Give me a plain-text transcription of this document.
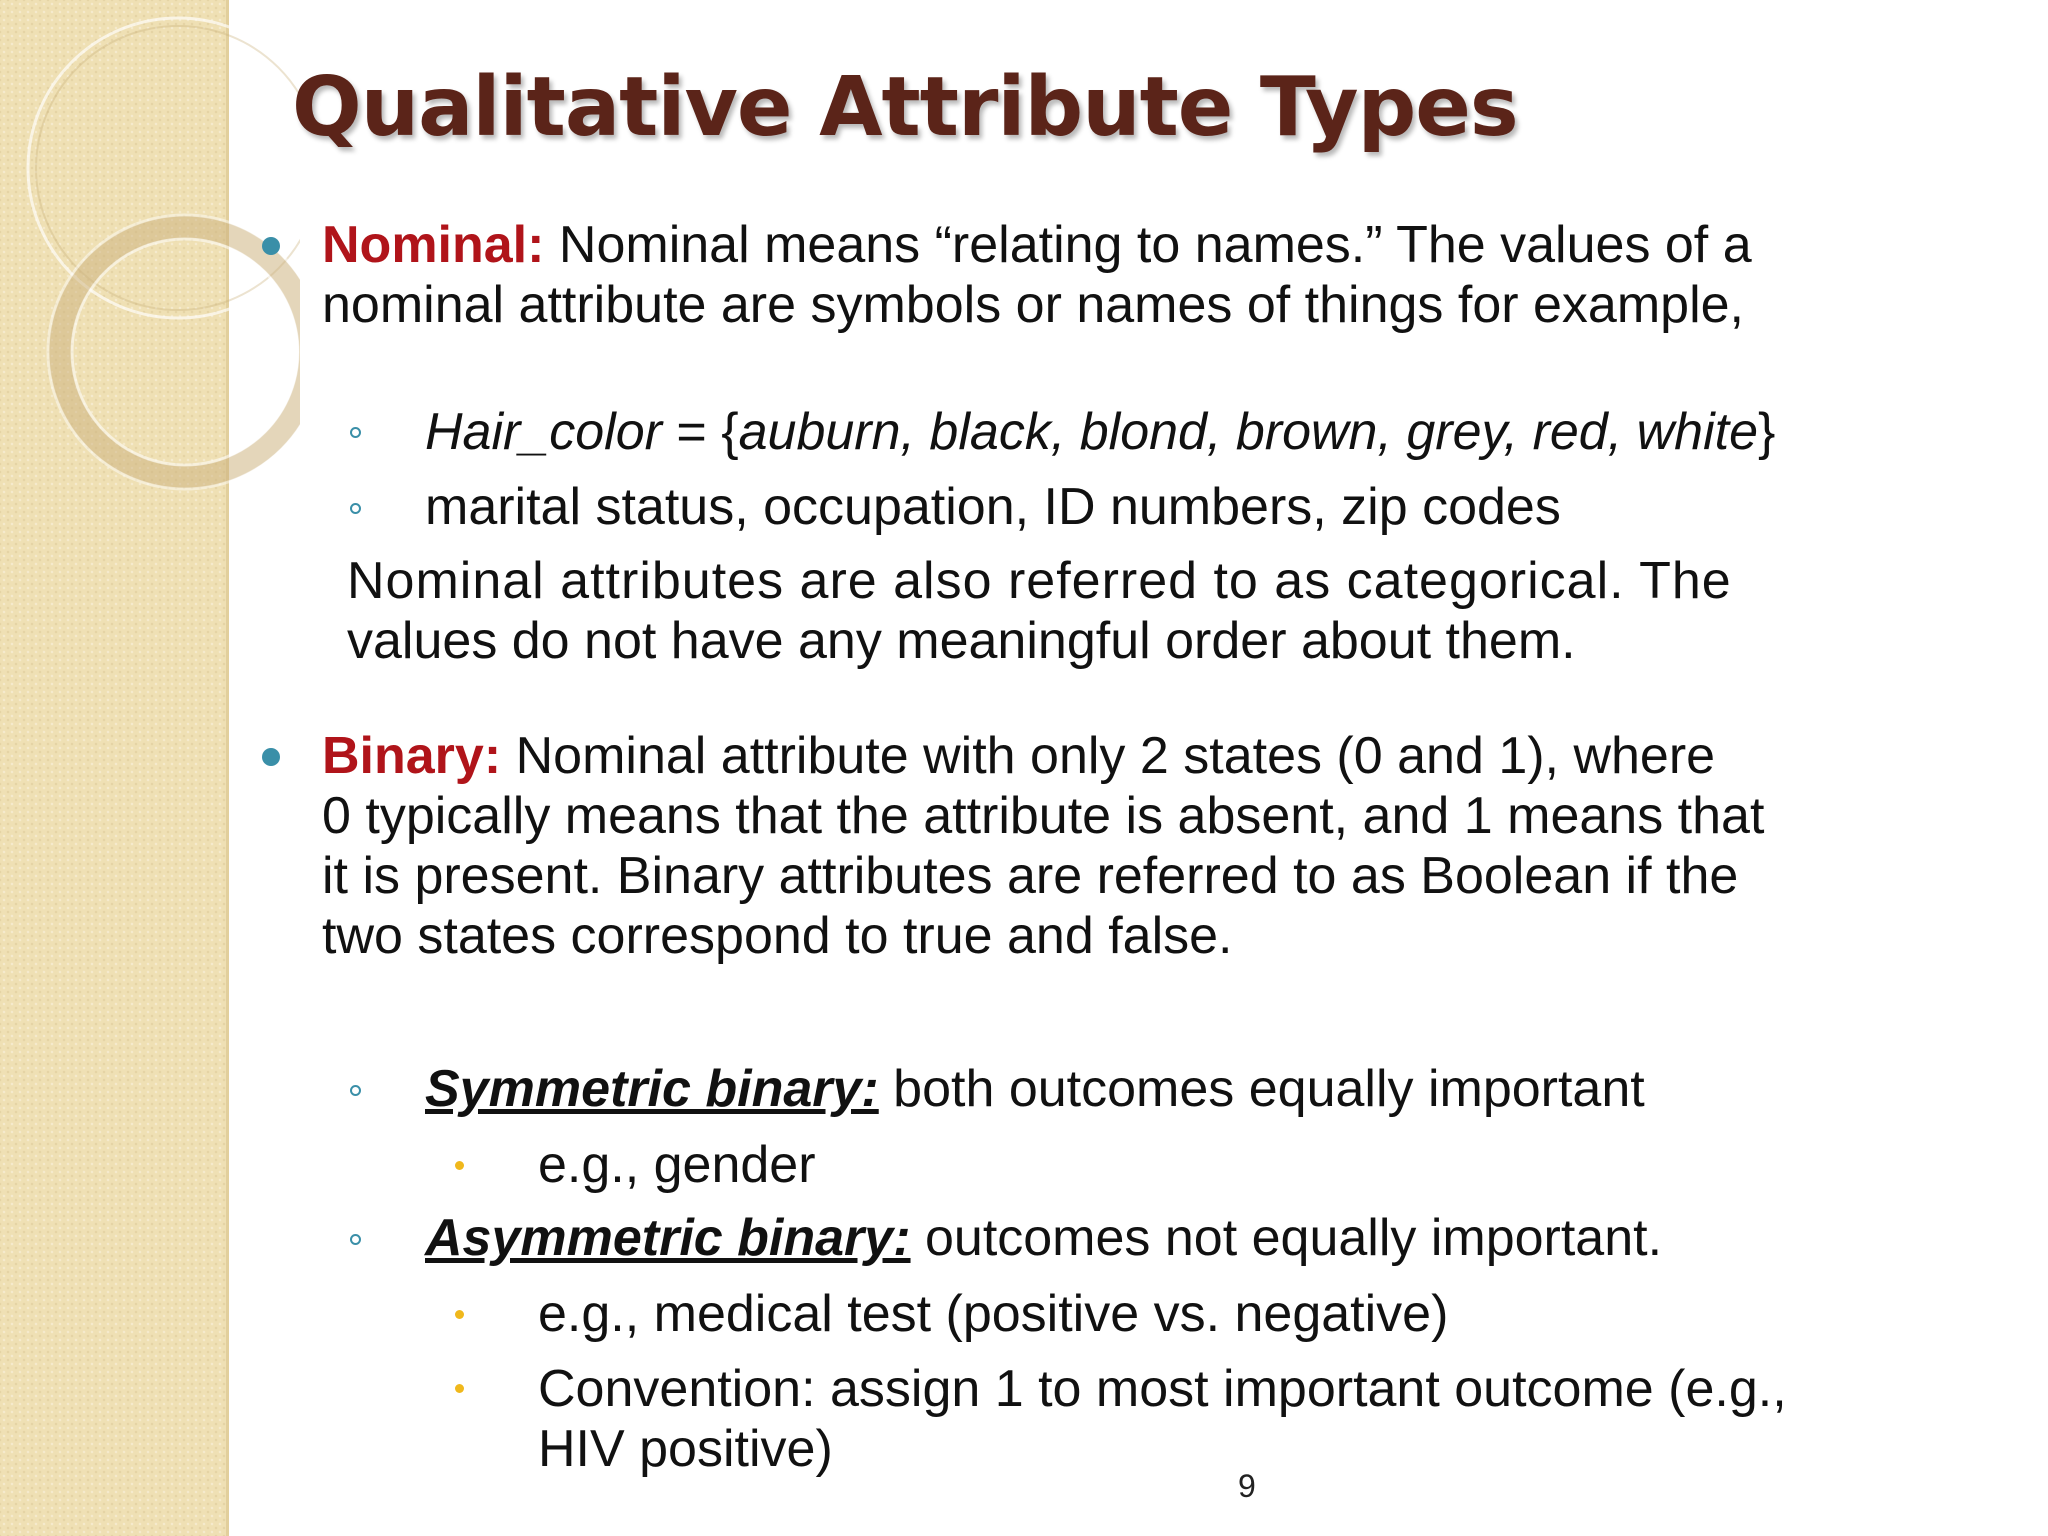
Qualitative Attribute Types
Nominal: Nominal means “relating to names.” The values of a
nominal attribute are symbols or names of things for example,
Hair_color = {auburn, black, blond, brown, grey, red, white}
marital status, occupation, ID numbers, zip codes
Nominal attributes are also referred to as categorical. The
values do not have any meaningful order about them.
Binary: Nominal attribute with only 2 states (0 and 1), where
0 typically means that the attribute is absent, and 1 means that
it is present. Binary attributes are referred to as Boolean if the
two states correspond to true and false.
Symmetric binary: both outcomes equally important
e.g., gender
Asymmetric binary: outcomes not equally important.
e.g., medical test (positive vs. negative)
Convention: assign 1 to most important outcome (e.g.,
HIV positive)
9
